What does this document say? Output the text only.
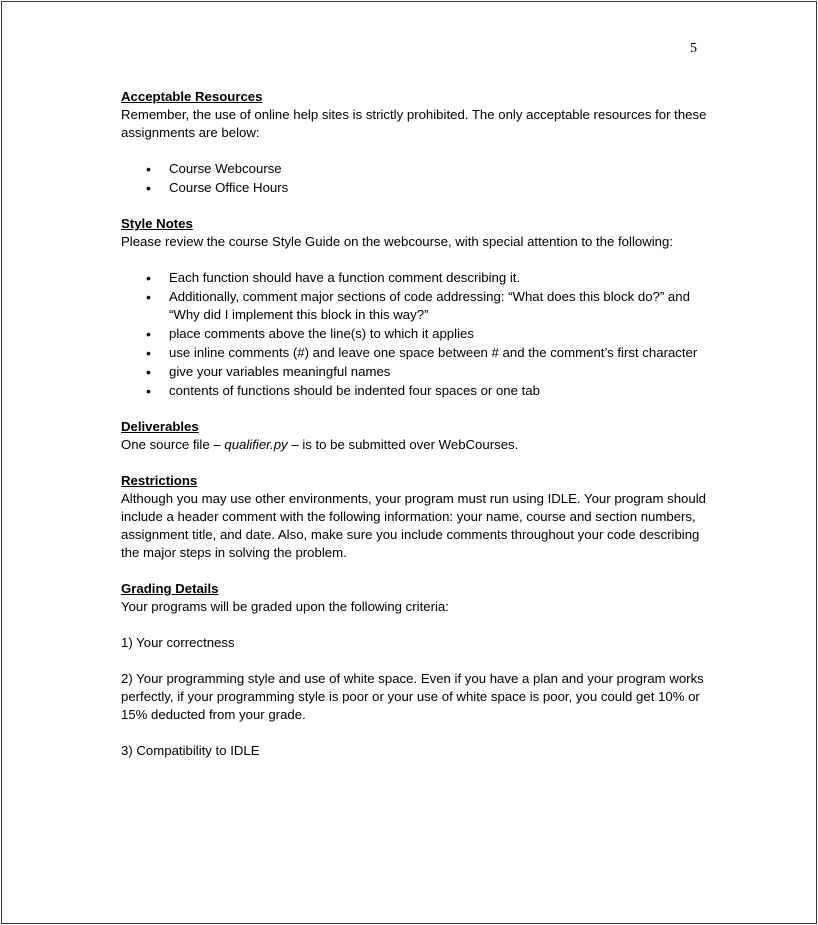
5
Acceptable Resources

Remember, the use of online help sites is strictly prohibited. The only acceptable resources for these assignments are below:

• Course Webcourse
• Course Office Hours
Style Notes

Please review the course Style Guide on the webcourse, with special attention to the following:

• Each function should have a function comment describing it.
• Additionally, comment major sections of code addressing: “What does this block do?” and “Why did I implement this block in this way?”
• place comments above the line(s) to which it applies
• use inline comments (#) and leave one space between # and the comment’s first character
• give your variables meaningful names
• contents of functions should be indented four spaces or one tab
Deliverables

One source file – qualifier.py – is to be submitted over WebCourses.

Restrictions

Although you may use other environments, your program must run using IDLE. Your program should include a header comment with the following information: your name, course and section numbers, assignment title, and date. Also, make sure you include comments throughout your code describing the major steps in solving the problem.

Grading Details

Your programs will be graded upon the following criteria:

1) Your correctness

2) Your programming style and use of white space. Even if you have a plan and your program works perfectly, if your programming style is poor or your use of white space is poor, you could get 10% or 15% deducted from your grade.

3) Compatibility to IDLE
